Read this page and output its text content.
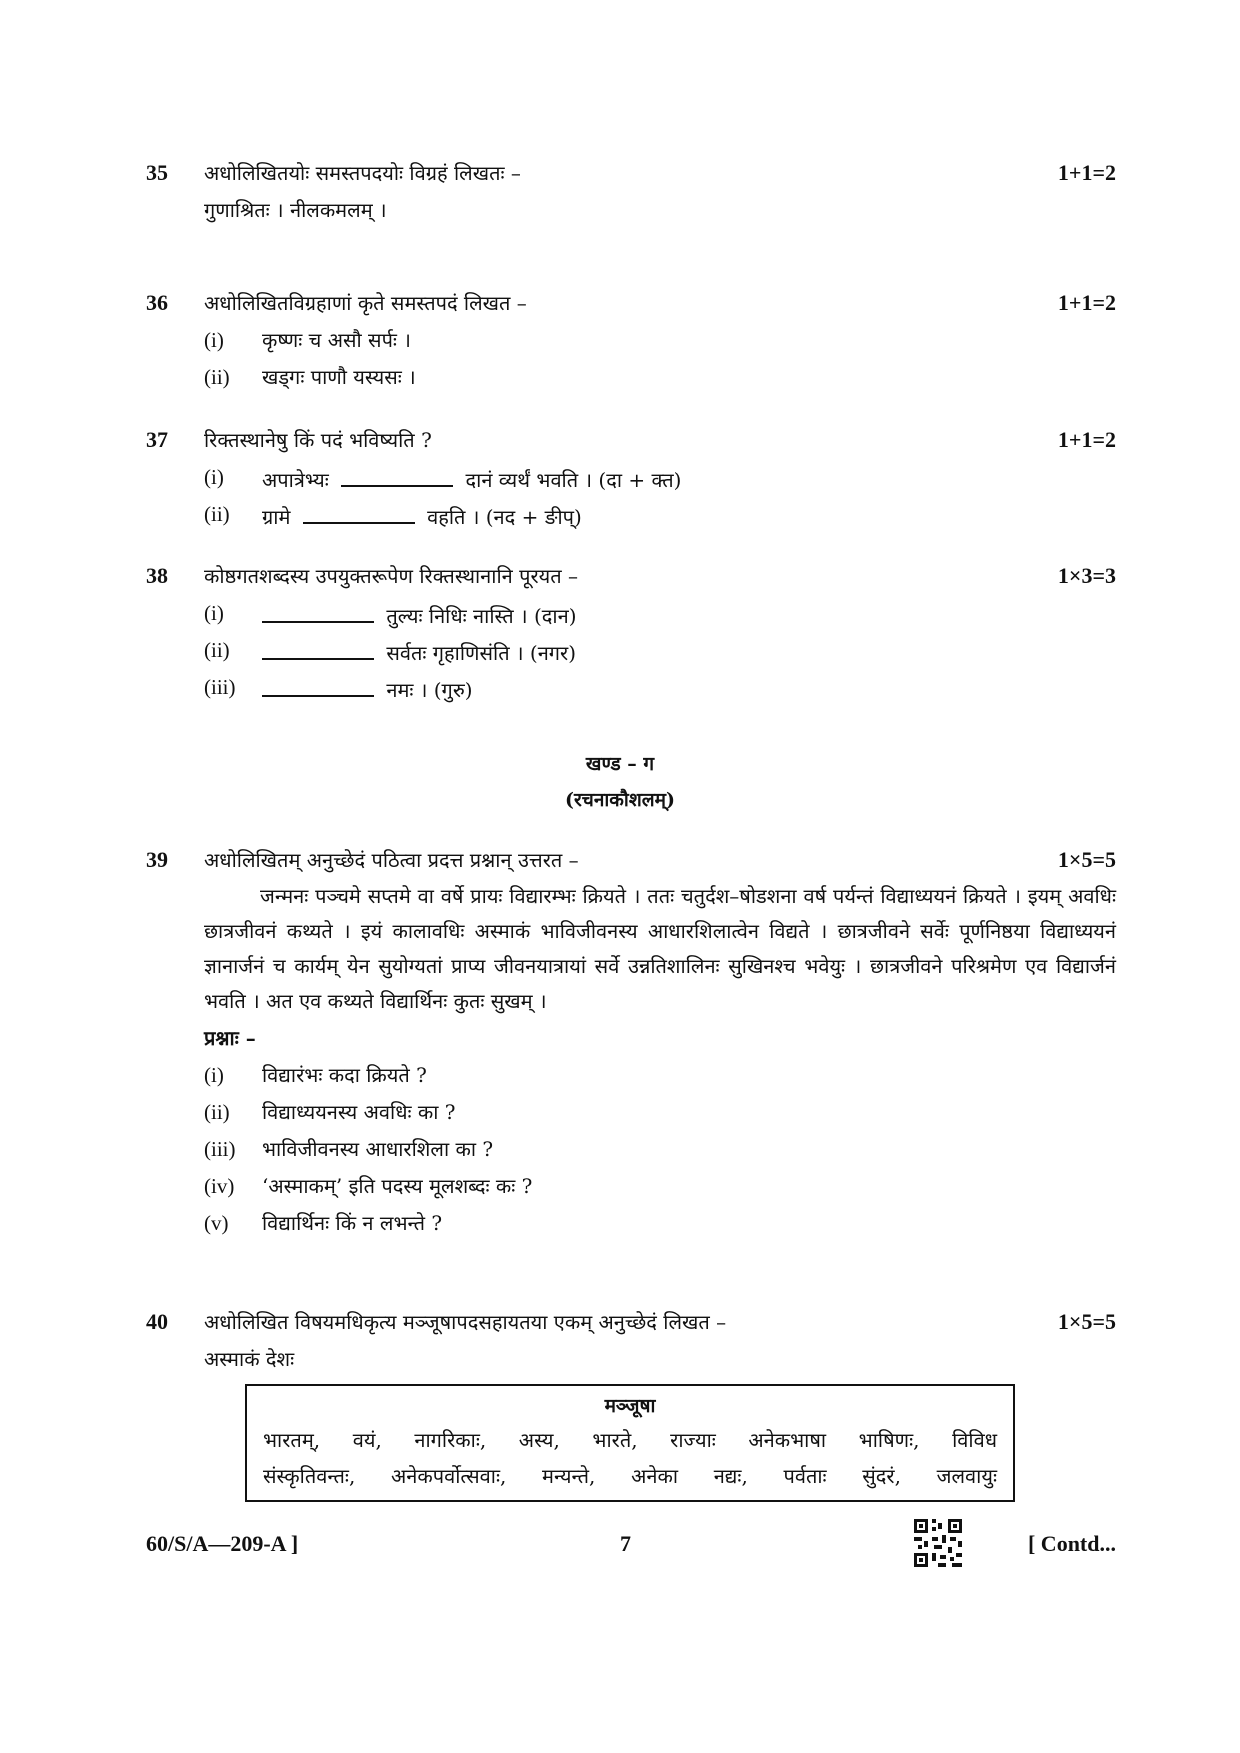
35	अधोलिखितयोः समस्तपदयोः विग्रहं लिखतः –	1+1=2
गुणाश्रितः । नीलकमलम् ।
36	अधोलिखितविग्रहाणां कृते समस्तपदं लिखत –	1+1=2
(i)	कृष्णः च असौ सर्पः ।
(ii)	खड्गः पाणौ यस्यसः ।
37	रिक्तस्थानेषु किं पदं भविष्यति ?	1+1=2
(i)	अपात्रेभ्यः	दानं व्यर्थं भवति । (दा + क्त)
(ii)	ग्रामे	वहति । (नद + ङीप्)
38	कोष्ठगतशब्दस्य उपयुक्तरूपेण रिक्तस्थानानि पूरयत –	1×3=3
(i)	तुल्यः निधिः नास्ति । (दान)
(ii)	सर्वतः गृहाणिसंति । (नगर)
(iii)	नमः । (गुरु)
खण्ड – ग
(रचनाकौशलम्)
39	अधोलिखितम् अनुच्छेदं पठित्वा प्रदत्त प्रश्नान् उत्तरत –	1×5=5
जन्मनः पञ्चमे सप्तमे वा वर्षे प्रायः विद्यारम्भः क्रियते । ततः चतुर्दश–षोडशना वर्ष पर्यन्तं विद्याध्ययनं क्रियते । इयम् अवधिः छात्रजीवनं कथ्यते । इयं कालावधिः अस्माकं भाविजीवनस्य आधारशिलात्वेन विद्यते । छात्रजीवने सर्वेः पूर्णनिष्ठया विद्याध्ययनं ज्ञानार्जनं च कार्यम् येन सुयोग्यतां प्राप्य जीवनयात्रायां सर्वे उन्नतिशालिनः सुखिनश्च भवेयुः । छात्रजीवने परिश्रमेण एव विद्यार्जनं भवति । अत एव कथ्यते विद्यार्थिनः कुतः सुखम् ।
प्रश्नाः –
(i)	विद्यारंभः कदा क्रियते ?
(ii)	विद्याध्ययनस्य अवधिः का ?
(iii)	भाविजीवनस्य आधारशिला का ?
(iv)	‘अस्माकम्’ इति पदस्य मूलशब्दः कः ?
(v)	विद्यार्थिनः किं न लभन्ते ?
40	अधोलिखित विषयमधिकृत्य मञ्जूषापदसहायतया एकम् अनुच्छेदं लिखत –	1×5=5
अस्माकं देशः
मञ्जूषा
भारतम्, वयं, नागरिकाः, अस्य, भारते, राज्याः अनेकभाषा भाषिणः, विविध
संस्कृतिवन्तः, अनेकपर्वोत्सवाः, मन्यन्ते, अनेका नद्यः, पर्वताः सुंदरं, जलवायुः
60/S/A—209-A ]	7	[ Contd...
